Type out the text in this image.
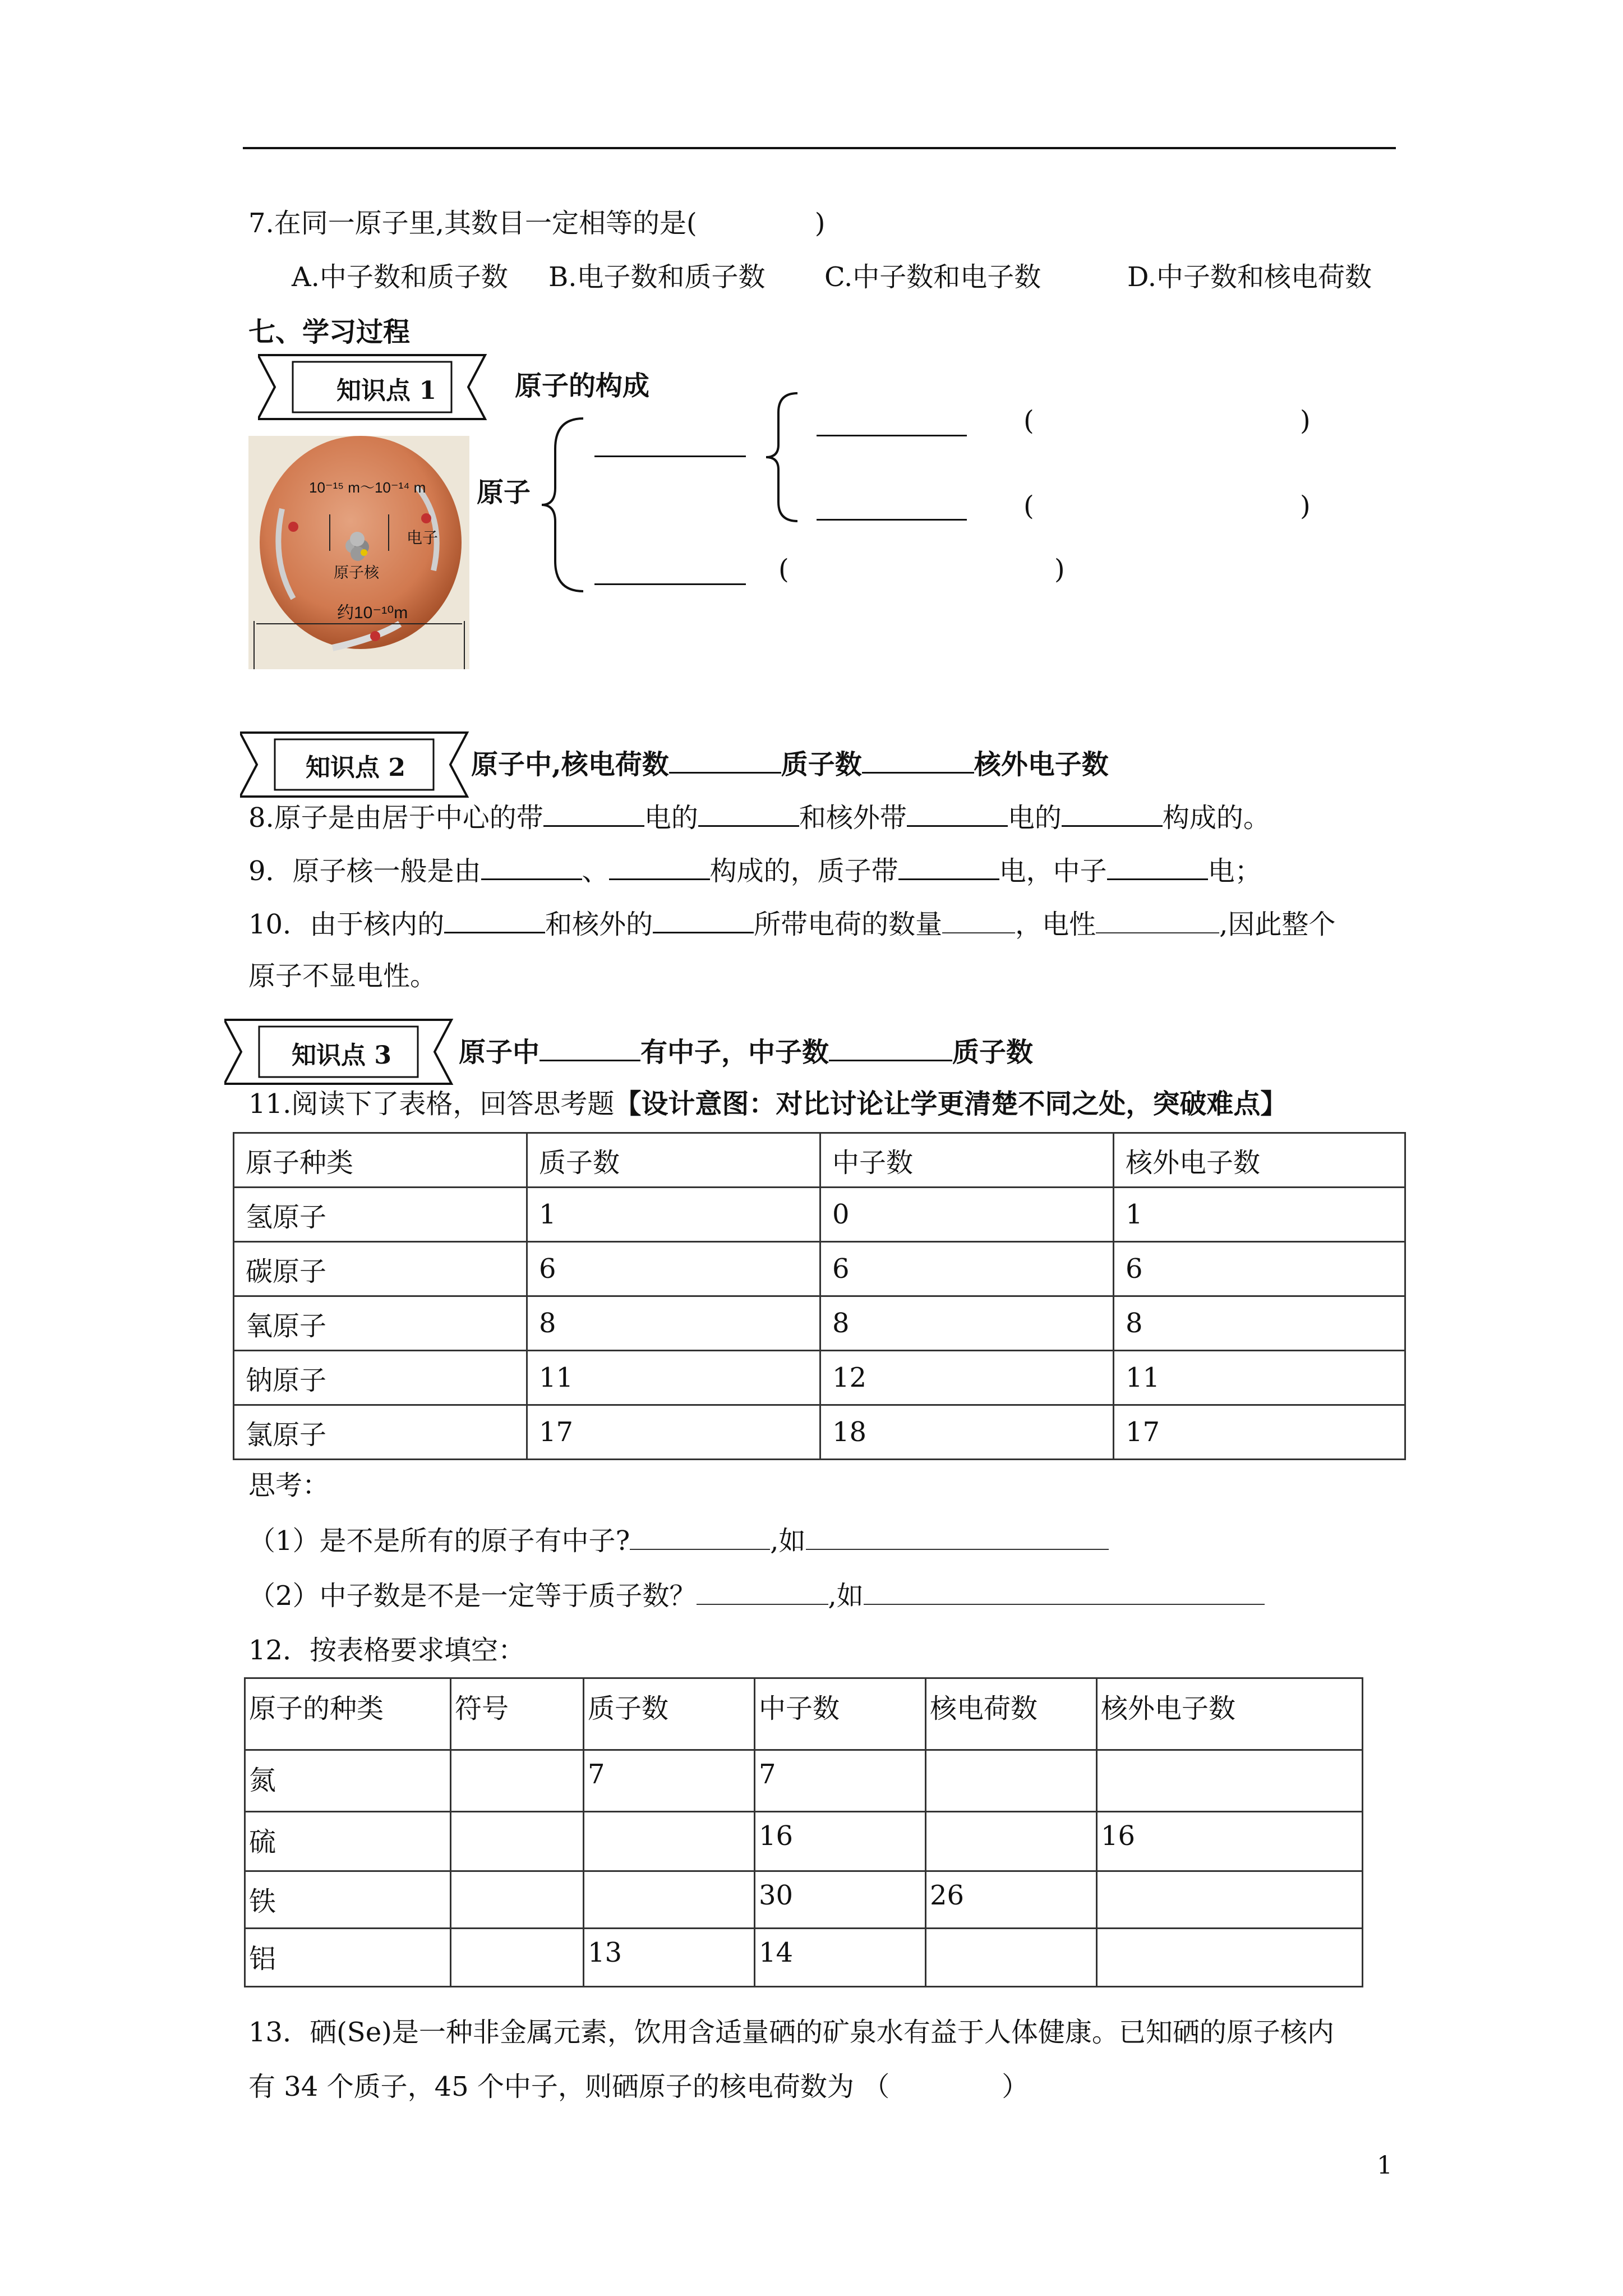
7.在同一原子里,其数目一定相等的是(	)
A.中子数和质子数 B.电子数和质子数 C.中子数和电子数	D.中子数和核电荷数
七、学习过程
知识点 1	原子的构成
10⁻¹⁵ m～10⁻¹⁴ m
电子
原子核
约10⁻¹⁰m
原子
(	)
(	)
(	)
知识点 2 原子中,核电荷数	质子数	核外电子数
8.原子是由居于中心的带	电的	和核外带	电的	构成的。
9．原子核一般是由	、	构成的，质子带	电，中子	电；
10．由于核内的	和核外的	所带电荷的数量	，电性	,因此整个
原子不显电性。
知识点 3	原子中	有中子，中子数	质子数
11.阅读下了表格，回答思考题【设计意图：对比讨论让学更清楚不同之处，突破难点】
原子种类	质子数	中子数	核外电子数
氢原子	1	0	1
碳原子	6	6	6
氧原子	8	8	8
钠原子	11	12	11
氯原子	17	18	17
思考：
（1）是不是所有的原子有中子?	,如
（2）中子数是不是一定等于质子数？	,如
12．按表格要求填空：
原子的种类	符号	质子数	中子数	核电荷数	核外电子数
氮		7	7		
硫			16		16
铁			30	26	
铝		13	14		
13．硒(Se)是一种非金属元素，饮用含适量硒的矿泉水有益于人体健康。已知硒的原子核内
有 34 个质子，45 个中子，则硒原子的核电荷数为 （	）
1
